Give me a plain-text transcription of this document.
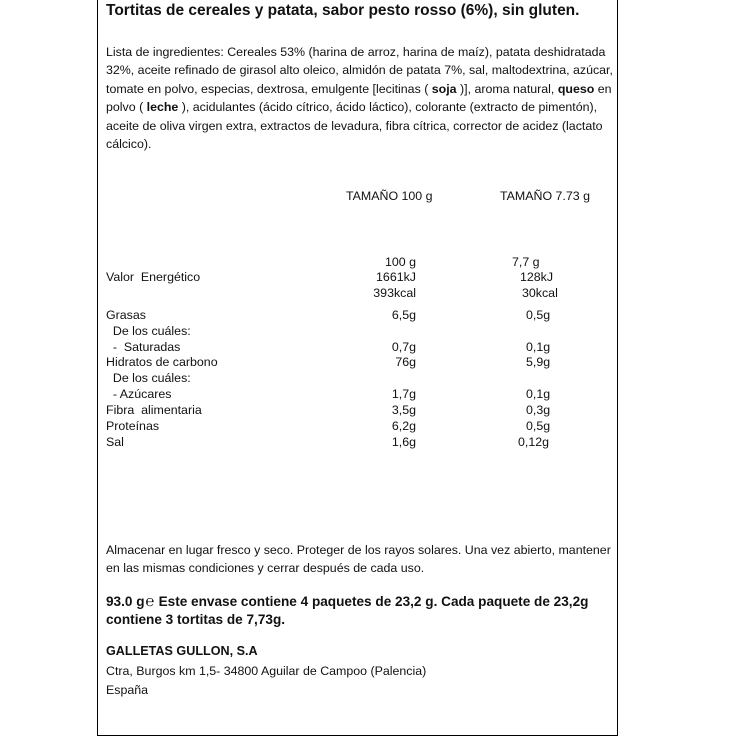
Tortitas de cereales y patata, sabor pesto rosso (6%), sin gluten.
Lista de ingredientes: Cereales 53% (harina de arroz, harina de maíz), patata deshidratada 32%, aceite refinado de girasol alto oleico, almidón de patata 7%, sal, maltodextrina, azúcar, tomate en polvo, especias, dextrosa, emulgente [lecitinas ( soja )], aroma natural, queso en polvo ( leche ), acidulantes (ácido cítrico, ácido láctico), colorante (extracto de pimentón), aceite de oliva virgen extra, extractos de levadura, fibra cítrica, corrector de acidez (lactato cálcico).
TAMAÑO 100 g	TAMAÑO 7.73 g
100 g	7,7 g
Valor  Energético	1661kJ	128kJ
393kcal	30kcal
Grasas	6,5g	0,5g
De los cuáles:
-  Saturadas	0,7g	0,1g
Hidratos de carbono	76g	5,9g
De los cuáles:
- Azúcares	1,7g	0,1g
Fibra  alimentaria	3,5g	0,3g
Proteínas	6,2g	0,5g
Sal	1,6g	0,12g
Almacenar en lugar fresco y seco. Proteger de los rayos solares. Una vez abierto, mantener en las mismas condiciones y cerrar después de cada uso.
93.0 g℮ Este envase contiene 4 paquetes de 23,2 g. Cada paquete de 23,2g contiene 3 tortitas de 7,73g.
GALLETAS GULLON, S.A
Ctra, Burgos km 1,5- 34800 Aguilar de Campoo (Palencia)
España
